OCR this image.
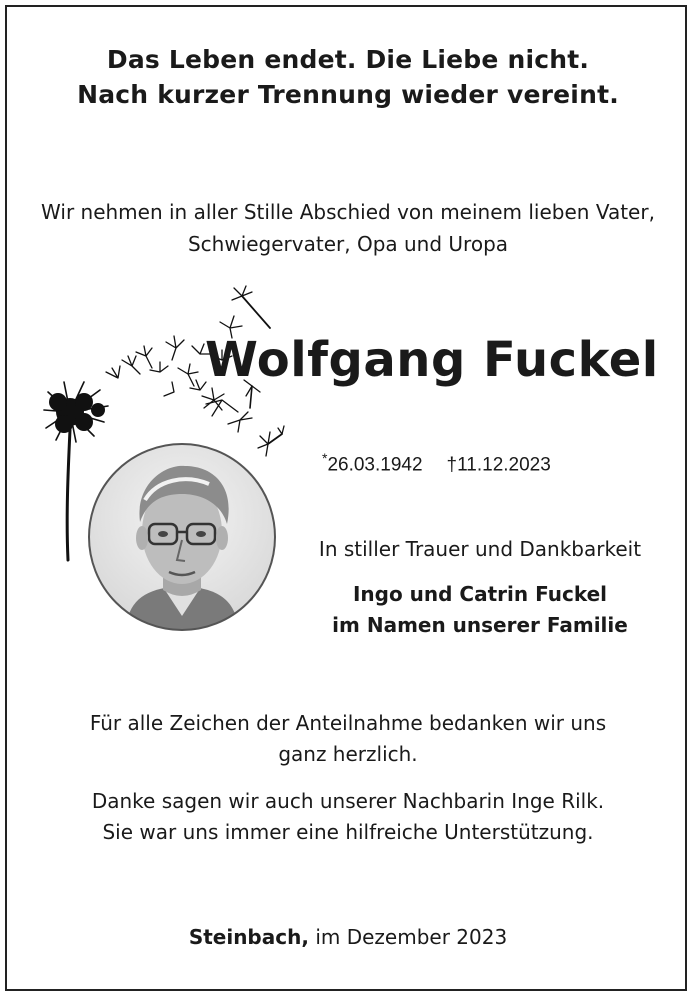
Das Leben endet. Die Liebe nicht.
Nach kurzer Trennung wieder vereint.
Wir nehmen in aller Stille Abschied von meinem lieben Vater,
Schwiegervater, Opa und Uropa
Wolfgang Fuckel
*26.03.1942 †11.12.2023
In stiller Trauer und Dankbarkeit
Ingo und Catrin Fuckel
im Namen unserer Familie
Für alle Zeichen der Anteilnahme bedanken wir uns
ganz herzlich.
Danke sagen wir auch unserer Nachbarin Inge Rilk.
Sie war uns immer eine hilfreiche Unterstützung.
Steinbach, im Dezember 2023
